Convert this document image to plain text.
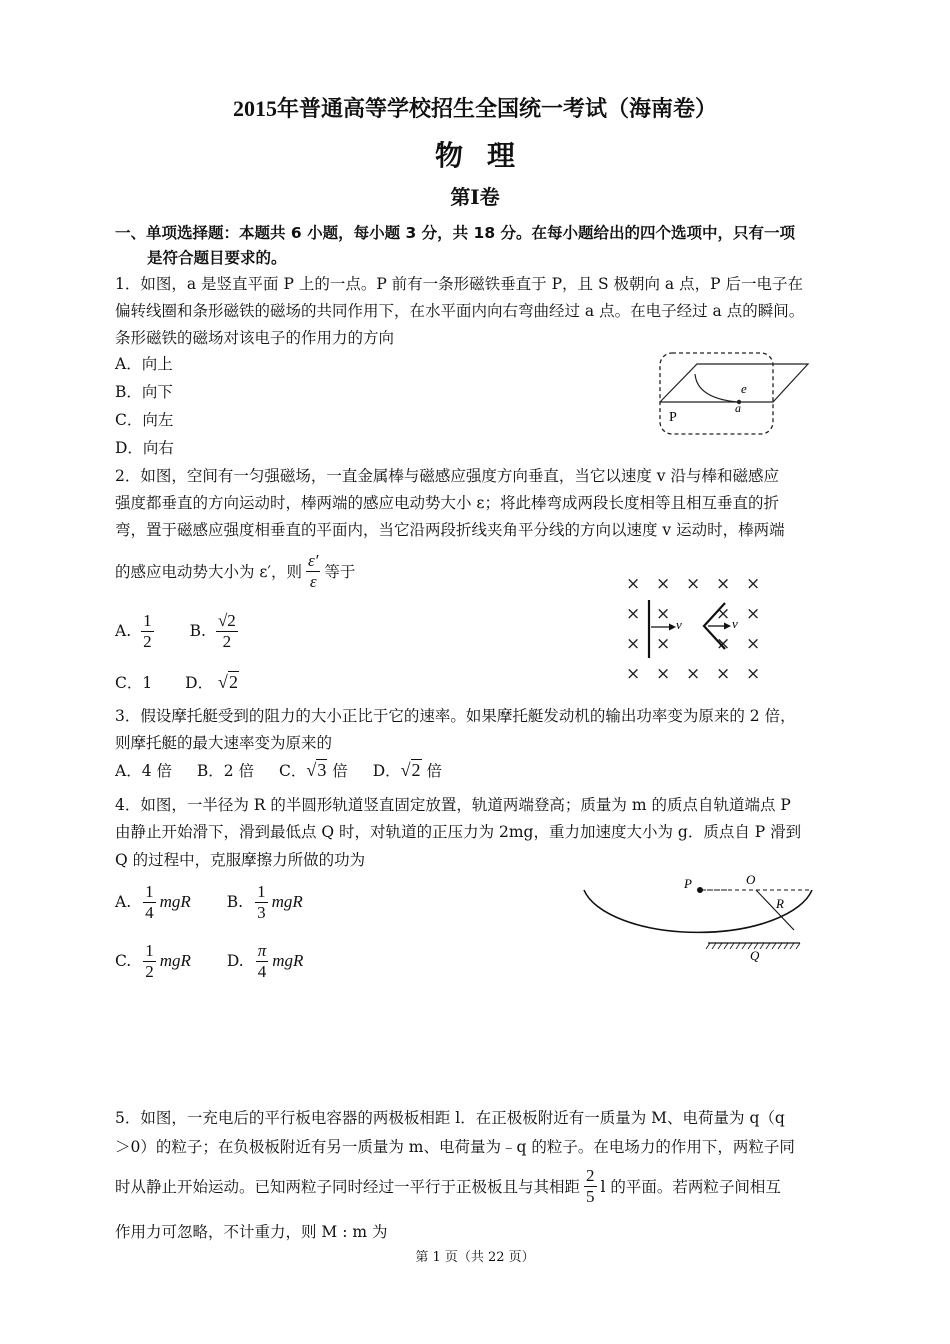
2015年普通高等学校招生全国统一考试（海南卷）
物理
第I卷
一、单项选择题：本题共 6 小题，每小题 3 分，共 18 分。在每小题给出的四个选项中，只有一项
是符合题目要求的。
1．如图，a 是竖直平面 P 上的一点。P 前有一条形磁铁垂直于 P，且 S 极朝向 a 点，P 后一电子在
偏转线圈和条形磁铁的磁场的共同作用下，在水平面内向右弯曲经过 a 点。在电子经过 a 点的瞬间。
条形磁铁的磁场对该电子的作用力的方向
A．向上
B．向下
C．向左
D．向右
e
a
P
2．如图，空间有一匀强磁场，一直金属棒与磁感应强度方向垂直，当它以速度 v 沿与棒和磁感应
强度都垂直的方向运动时，棒两端的感应电动势大小 ε；将此棒弯成两段长度相等且相互垂直的折
弯，置于磁感应强度相垂直的平面内，当它沿两段折线夹角平分线的方向以速度 v 运动时，棒两端
的感应电动势大小为 ε′，则 $\frac{\varepsilon'}{\varepsilon}$ 等于
A. $\frac{1}{2} B$. $\frac{√2}{2}$
C．1 D． √2
× × × × ×
× ×	× ×
× ×	× ×
× × × × ×
v	v
3．假设摩托艇受到的阻力的大小正比于它的速率。如果摩托艇发动机的输出功率变为原来的 2 倍，
则摩托艇的最大速率变为原来的
A．4 倍 B．2 倍 C．√3 倍 D．√2 倍
4．如图，一半径为 R 的半圆形轨道竖直固定放置，轨道两端登高；质量为 m 的质点自轨道端点 P
由静止开始滑下，滑到最低点 Q 时，对轨道的正压力为 2mg，重力加速度大小为 g．质点自 P 滑到
Q 的过程中，克服摩擦力所做的功为
A. $\frac{1}{4}$ mgR B. $\frac{1}{3}$ mgR
C. $\frac{1}{2}$ mgR D. $\frac{\pi}{4}$ mgR
P	O
R
Q
5．如图，一充电后的平行板电容器的两极板相距 l．在正极板附近有一质量为 M、电荷量为 q（q
＞0）的粒子；在负极板附近有另一质量为 m、电荷量为﹣q 的粒子。在电场力的作用下，两粒子同
时从静止开始运动。已知两粒子同时经过一平行于正极板且与其相距 $\frac{2}{5}$ l 的平面。若两粒子间相互
作用力可忽略，不计重力，则 M : m 为
第 1 页（共 22 页）
